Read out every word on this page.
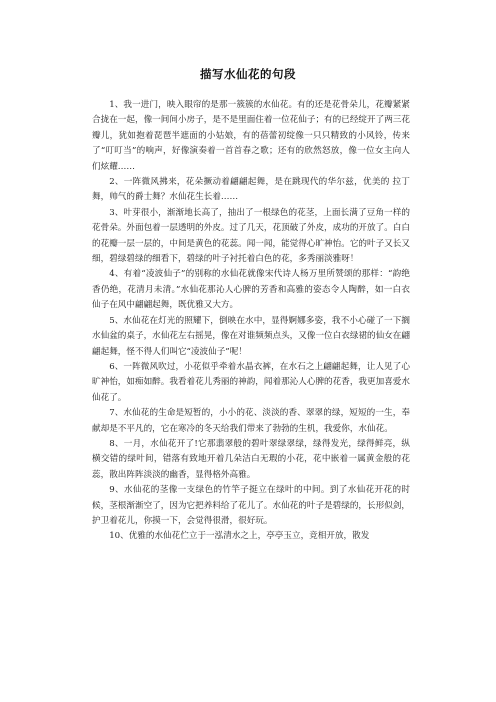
描写水仙花的句段

1、我一进门，映入眼帘的是那一簇簇的水仙花。有的还是花骨朵儿，花瓣紧紧合拢在一起，像一间间小房子，是不是里面住着一位花仙子；有的已经绽开了两三花瓣儿，犹如抱着琵琶半遮面的小姑娘，有的蓓蕾初绽像一只只精致的小风铃，传来了“叮叮当”的响声，好像演奏着一首首春之歌；还有的欣然怒放，像一位女主向人们炫耀……

2、一阵微风拂来，花朵撅动着翩翩起舞，是在跳现代的华尔兹，优美的 拉丁舞，帅气的爵士舞？水仙花生长着……

3、叶芽很小，渐渐地长高了，抽出了一根绿色的花茎，上面长满了豆角一样的花骨朵。外面包着一层透明的外皮。过了几天，花顶破了外皮，成功的开放了。白白的花瓣一层一层的，中间是黄色的花蕊。闻一闻，能觉得心旷神怡。它的叶子又长又细，碧绿碧绿的细看下，碧绿的叶子衬托着白色的花，多秀丽淡雅呀！

4、有着“凌波仙子”的别称的水仙花就像宋代诗人杨万里所赞颂的那样：“韵绝香仍绝，花清月未清。”水仙花那沁人心脾的芳香和高雅的姿态令人陶醉，如一白衣仙子在风中翩翩起舞，既优雅又大方。

5、水仙花在灯光的照耀下，倒映在水中，显得婀娜多姿，我不小心碰了一下搁水仙盆的桌子，水仙花左右摇晃，像在对谁频频点头，又像一位白衣绿裙的仙女在翩翩起舞，怪不得人们叫它“凌波仙子”呢！

6、一阵微风吹过，小花似乎牵着水晶衣裤，在水石之上翩翩起舞，让人见了心旷神怡，如痴如醉。我看着花儿秀丽的神韵，闻着那沁人心脾的花香，我更加喜爱水仙花了。

7、水仙花的生命是短暂的，小小的花、淡淡的香、翠翠的绿，短短的一生，奉献却是不平凡的，它在寒冷的冬天给我们带来了勃勃的生机，我爱你，水仙花。

8、一月，水仙花开了!它那翡翠般的碧叶翠绿翠绿，绿得发光，绿得鲜亮，纵横交错的绿叶间，错落有致地开着几朵洁白无瑕的小花，花中嵌着一属黄金般的花蕊，散出阵阵淡淡的幽香，显得格外高雅。

9、水仙花的茎像一支绿色的竹竿子挺立在绿叶的中间。到了水仙花开花的时候，茎根渐渐空了，因为它把养料给了花儿了。水仙花的叶子是碧绿的，长形似剑，护卫着花儿，你摸一下，会觉得很滑，很好玩。

10、优雅的水仙花伫立于一泓清水之上，亭亭玉立，竞相开放，散发
